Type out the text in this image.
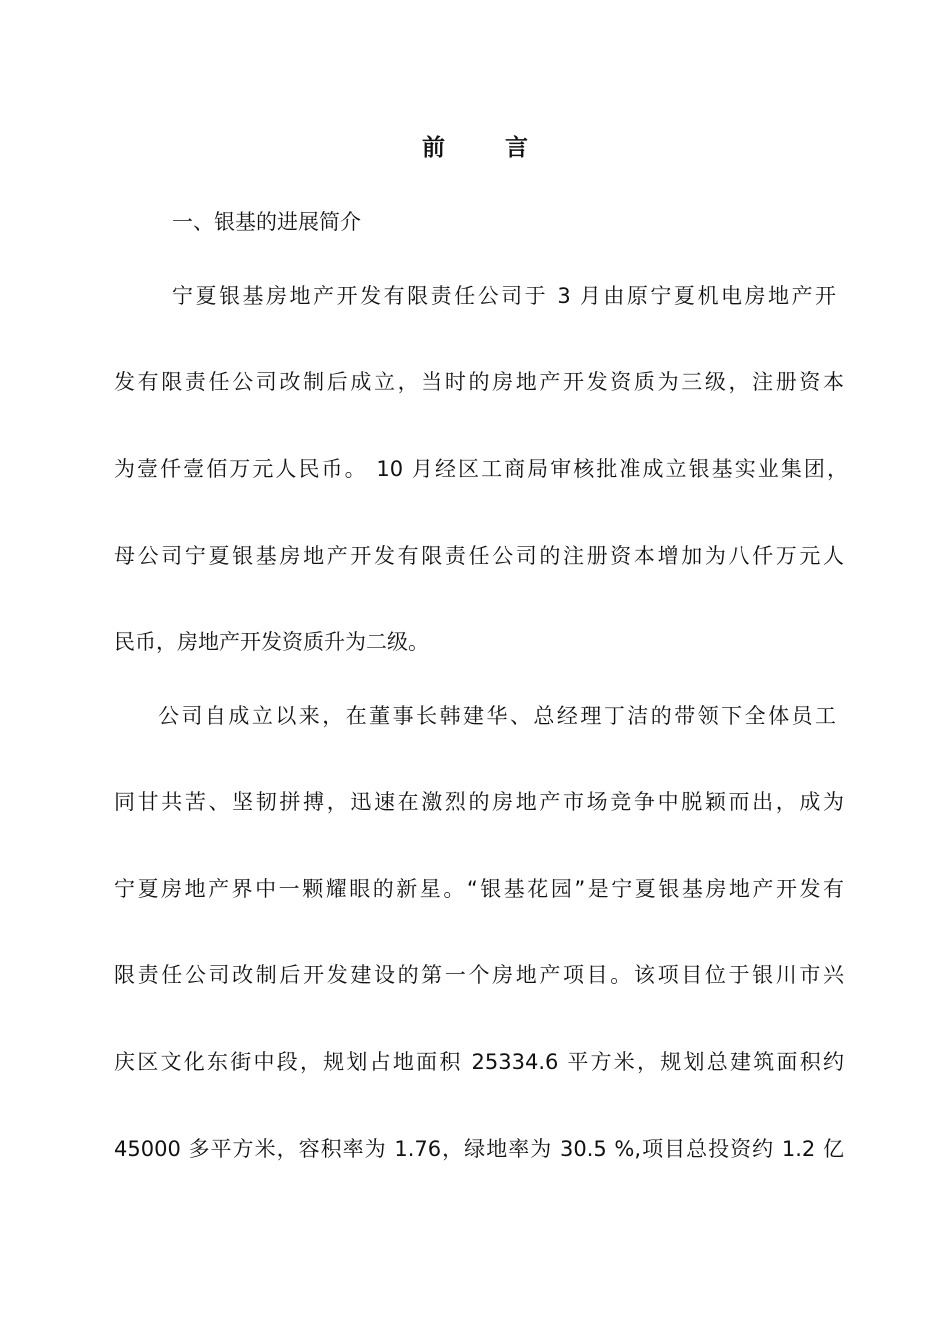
前 言
一、银基的进展简介
宁夏银基房地产开发有限责任公司于 3 月由原宁夏机电房地产开
发有限责任公司改制后成立，当时的房地产开发资质为三级，注册资本
为壹仟壹佰万元人民币。 10 月经区工商局审核批准成立银基实业集团，
母公司宁夏银基房地产开发有限责任公司的注册资本增加为八仟万元人
民币，房地产开发资质升为二级。
公司自成立以来，在董事长韩建华、总经理丁洁的带领下全体员工
同甘共苦、坚韧拼搏，迅速在激烈的房地产市场竞争中脱颖而出，成为
宁夏房地产界中一颗耀眼的新星。“银基花园”是宁夏银基房地产开发有
限责任公司改制后开发建设的第一个房地产项目。该项目位于银川市兴
庆区文化东街中段，规划占地面积 25334.6 平方米，规划总建筑面积约
45000 多平方米，容积率为 1.76，绿地率为 30.5 %,项目总投资约 1.2 亿
